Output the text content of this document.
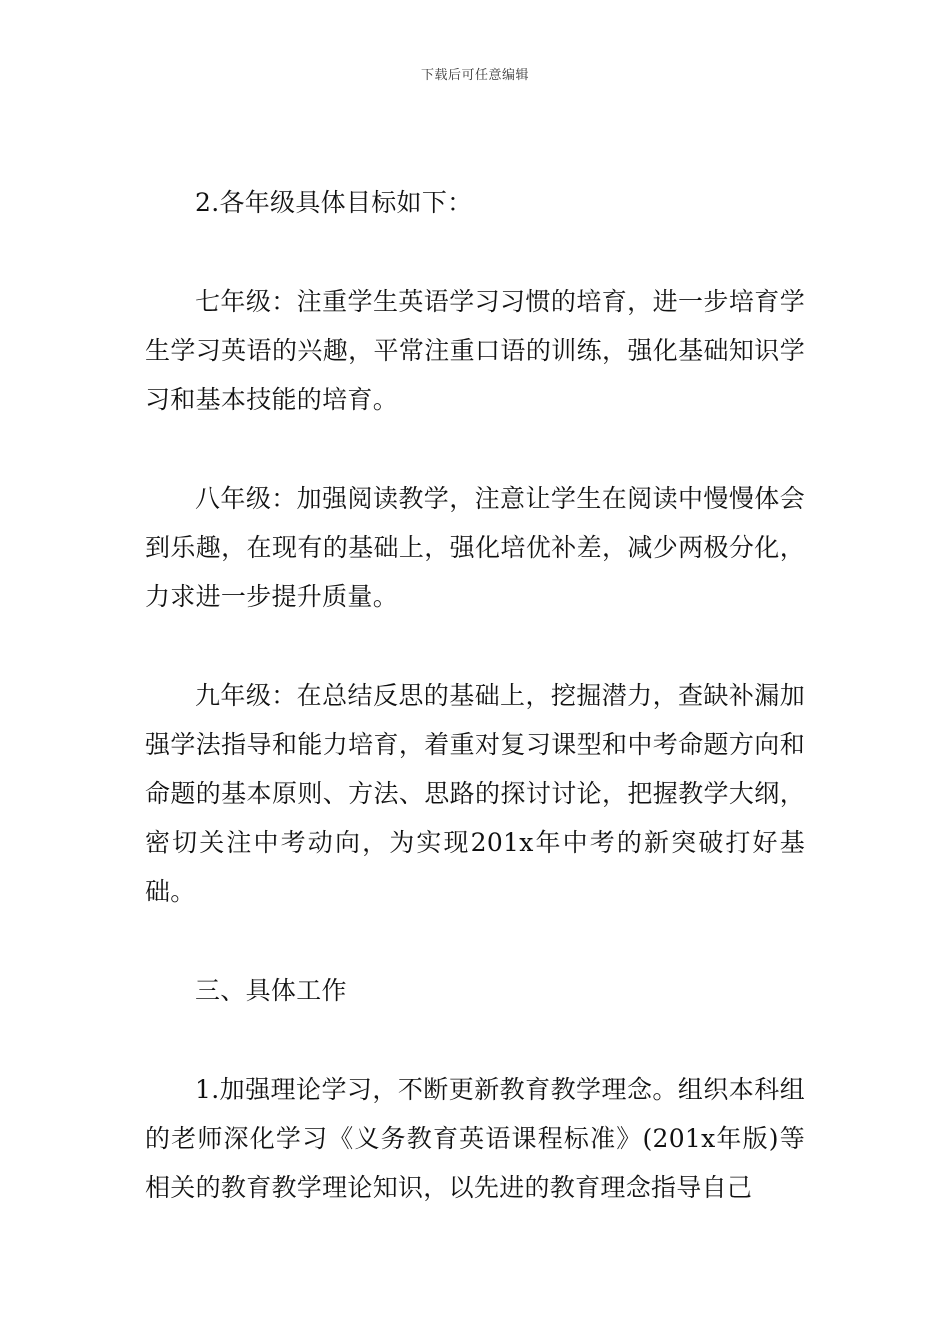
下载后可任意编辑

2.各年级具体目标如下：

七年级：注重学生英语学习习惯的培育，进一步培育学生学习英语的兴趣，平常注重口语的训练，强化基础知识学习和基本技能的培育。

八年级：加强阅读教学，注意让学生在阅读中慢慢体会到乐趣，在现有的基础上，强化培优补差，减少两极分化，力求进一步提升质量。

九年级：在总结反思的基础上，挖掘潜力，查缺补漏加强学法指导和能力培育，着重对复习课型和中考命题方向和命题的基本原则、方法、思路的探讨讨论，把握教学大纲，密切关注中考动向，为实现201x年中考的新突破打好基础。

三、具体工作

1.加强理论学习，不断更新教育教学理念。组织本科组的老师深化学习《义务教育英语课程标准》(201x年版)等相关的教育教学理论知识，以先进的教育理念指导自己
